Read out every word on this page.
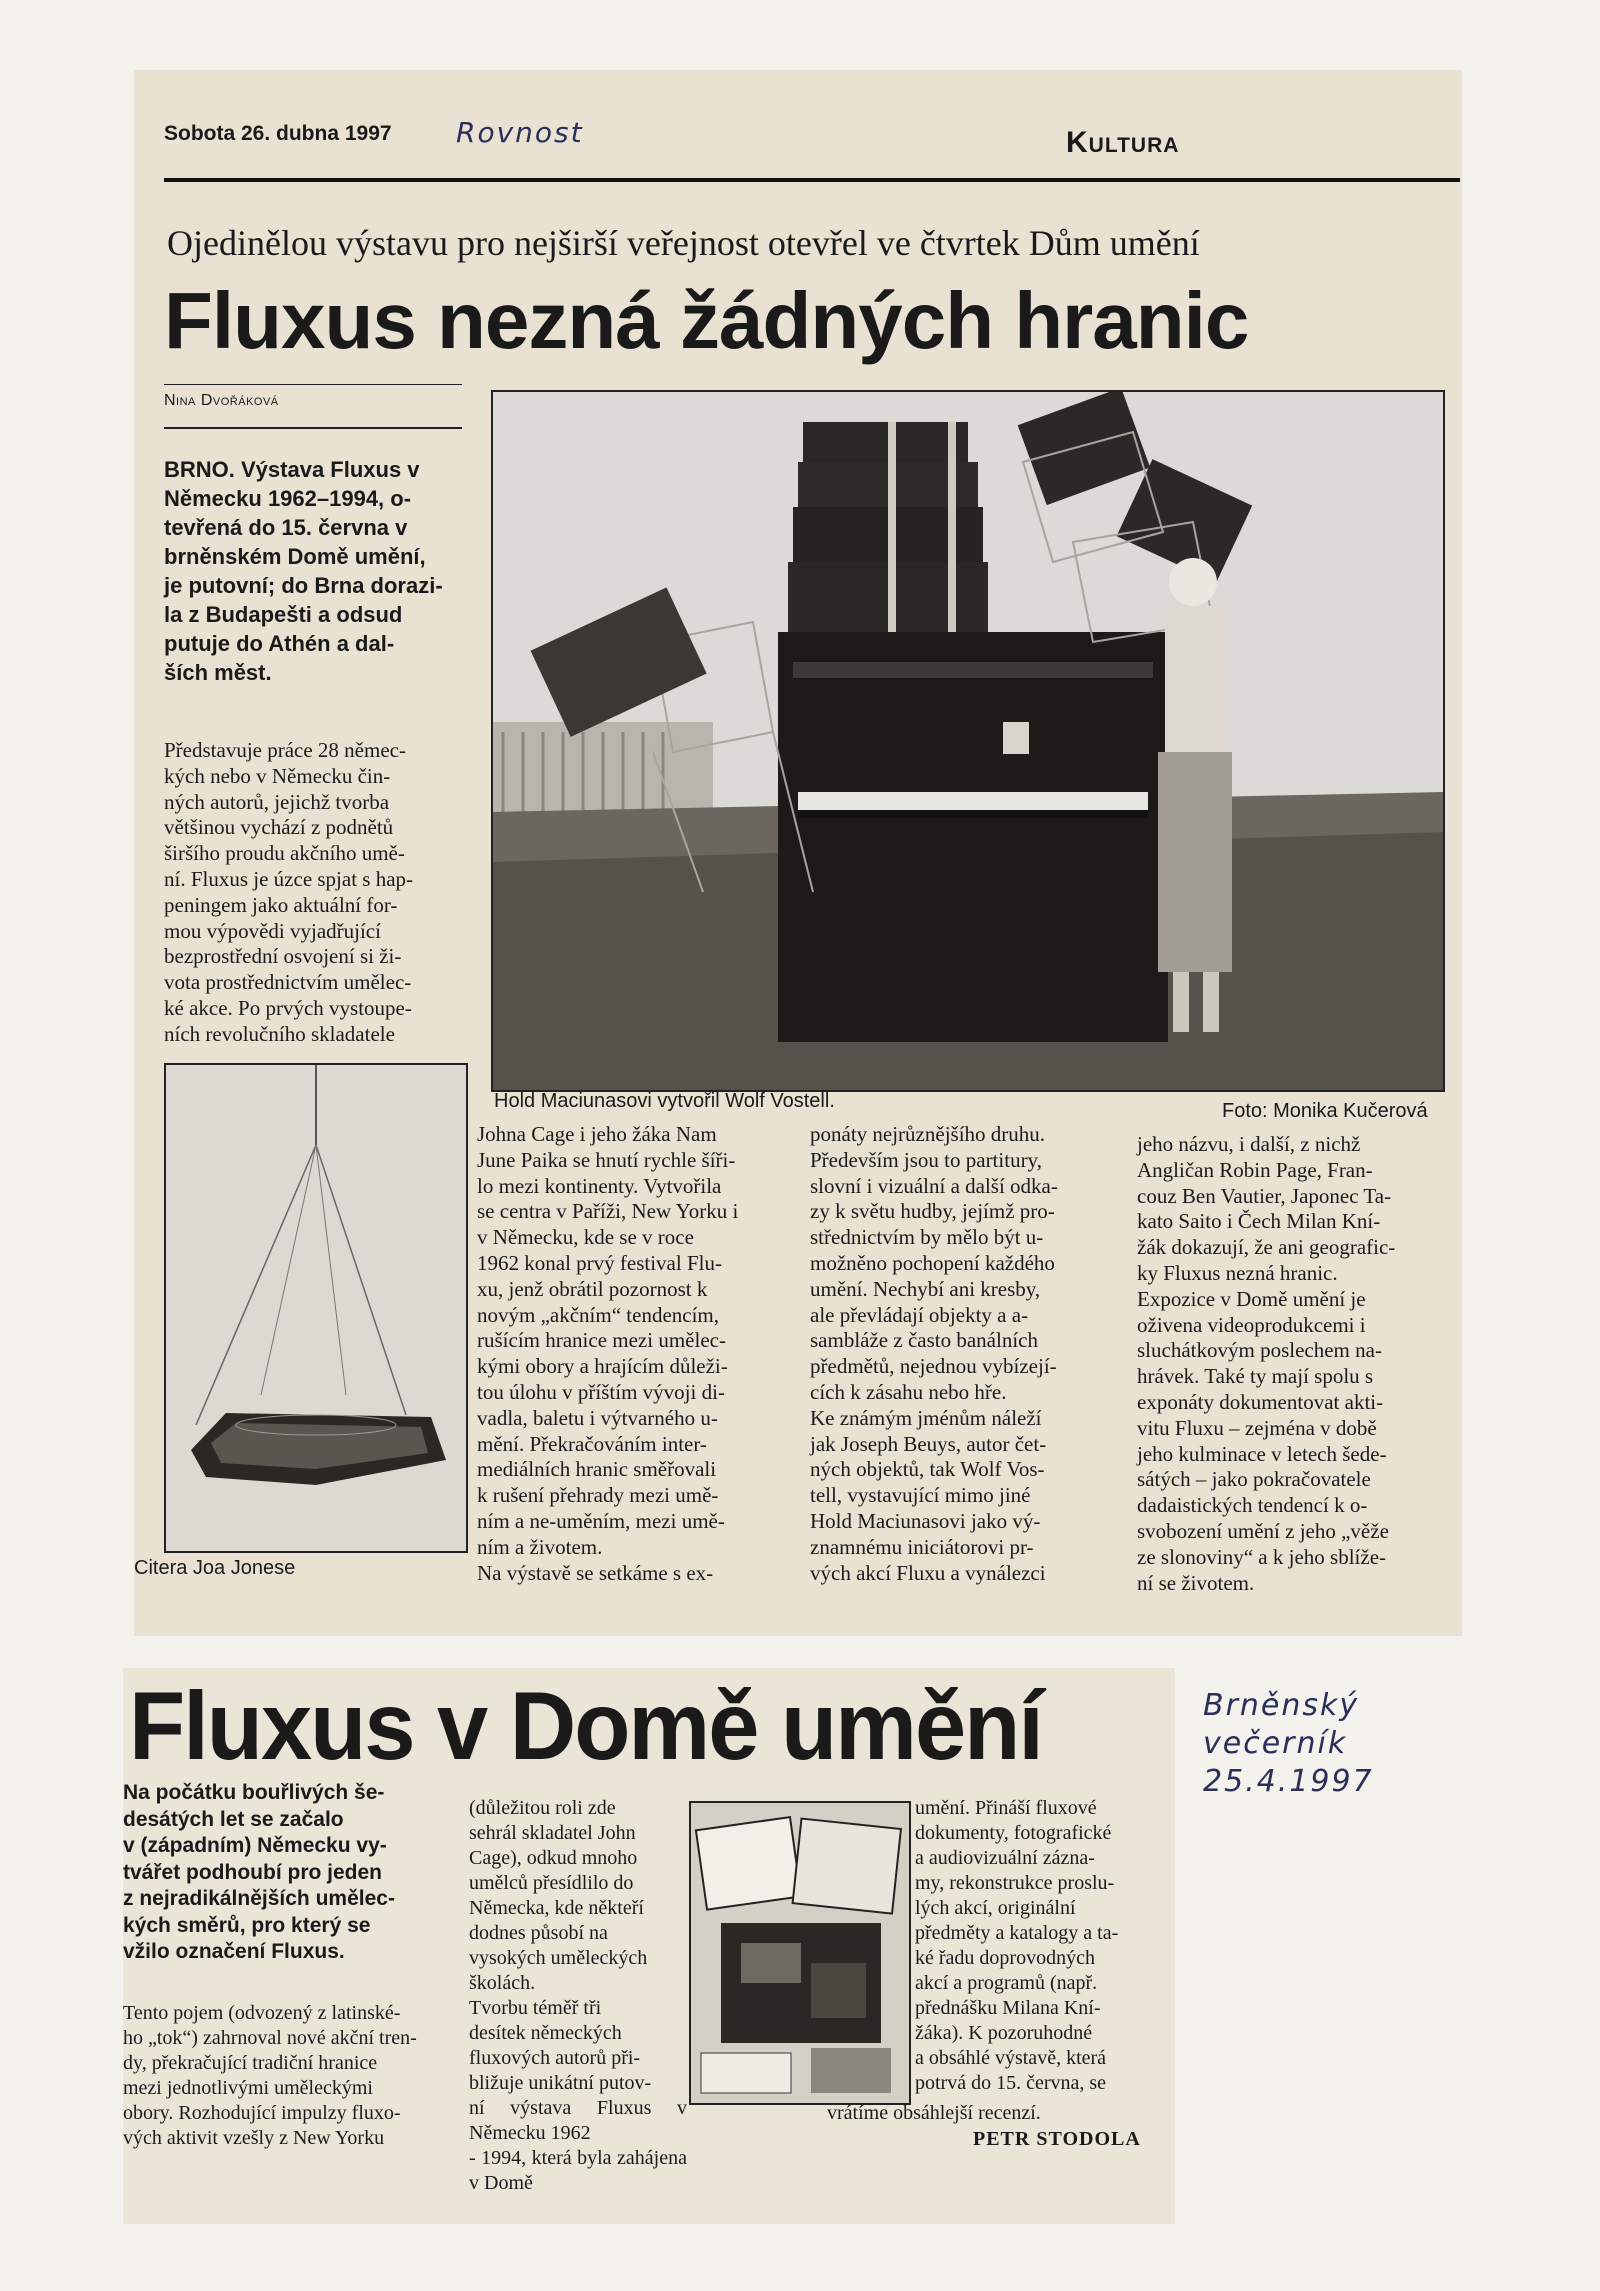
Sobota 26. dubna 1997 Rovnost	Kultura
Ojedinělou výstavu pro nejširší veřejnost otevřel ve čtvrtek Dům umění
Fluxus nezná žádných hranic
Nina Dvořáková
BRNO. Výstava Fluxus v
Německu 1962–1994, o-
tevřená do 15. června v
brněnském Domě umění,
je putovní; do Brna dorazi-
la z Budapešti a odsud
putuje do Athén a dal-
ších měst.
Představuje práce 28 němec-
kých nebo v Německu čin-
ných autorů, jejichž tvorba
většinou vychází z podnětů
širšího proudu akčního umě-
ní. Fluxus je úzce spjat s hap-
peningem jako aktuální for-
mou výpovědi vyjadřující
bezprostřední osvojení si ži-
vota prostřednictvím umělec-
ké akce. Po prvých vystoupe-
ních revolučního skladatele
Hold Maciunasovi vytvořil Wolf Vostell.	Foto: Monika Kučerová
Citera Joa Jonese
Johna Cage i jeho žáka Nam
June Paika se hnutí rychle šíři-
lo mezi kontinenty. Vytvořila
se centra v Paříži, New Yorku i
v Německu, kde se v roce
1962 konal prvý festival Flu-
xu, jenž obrátil pozornost k
novým „akčním“ tendencím,
rušícím hranice mezi umělec-
kými obory a hrajícím důleži-
tou úlohu v příštím vývoji di-
vadla, baletu i výtvarného u-
mění. Překračováním inter-
mediálních hranic směřovali
k rušení přehrady mezi umě-
ním a ne-uměním, mezi umě-
ním a životem.
Na výstavě se setkáme s ex-
ponáty nejrůznějšího druhu.
Především jsou to partitury,
slovní i vizuální a další odka-
zy k světu hudby, jejímž pro-
střednictvím by mělo být u-
možněno pochopení každého
umění. Nechybí ani kresby,
ale převládají objekty a a-
sambláže z často banálních
předmětů, nejednou vybízejí-
cích k zásahu nebo hře.
Ke známým jménům náleží
jak Joseph Beuys, autor čet-
ných objektů, tak Wolf Vos-
tell, vystavující mimo jiné
Hold Maciunasovi jako vý-
znamnému iniciátorovi pr-
vých akcí Fluxu a vynálezci
jeho názvu, i další, z nichž
Angličan Robin Page, Fran-
couz Ben Vautier, Japonec Ta-
kato Saito i Čech Milan Kní-
žák dokazují, že ani geografic-
ky Fluxus nezná hranic.
Expozice v Domě umění je
oživena videoprodukcemi i
sluchátkovým poslechem na-
hrávek. Také ty mají spolu s
exponáty dokumentovat akti-
vitu Fluxu – zejména v době
jeho kulminace v letech šede-
sátých – jako pokračovatele
dadaistických tendencí k o-
svobození umění z jeho „věže
ze slonoviny“ a k jeho sblíže-
ní se životem.
Fluxus v Domě umění
Na počátku bouřlivých še-
desátých let se začalo
v (západním) Německu vy-
tvářet podhoubí pro jeden
z nejradikálnějších umělec-
kých směrů, pro který se
vžilo označení Fluxus.
Tento pojem (odvozený z latinské-
ho „tok“) zahrnoval nové akční tren-
dy, překračující tradiční hranice
mezi jednotlivými uměleckými
obory. Rozhodující impulzy fluxo-
vých aktivit vzešly z New Yorku
(důležitou roli zde
sehrál skladatel John
Cage), odkud mnoho
umělců přesídlilo do
Německa, kde někteří
dodnes působí na
vysokých uměleckých
školách.
Tvorbu téměř tři
desítek německých
fluxových autorů při-
bližuje unikátní putov-
ní výstava Fluxus v Německu 1962
- 1994, která byla zahájena v Domě
umění. Přináší fluxové
dokumenty, fotografické
a audiovizuální zázna-
my, rekonstrukce proslu-
lých akcí, originální
předměty a katalogy a ta-
ké řadu doprovodných
akcí a programů (např.
přednášku Milana Kní-
žáka). K pozoruhodné
a obsáhlé výstavě, která
potrvá do 15. června, se
vrátíme obsáhlejší recenzí.
PETR STODOLA
Brněnský
večerník
25.4.1997
